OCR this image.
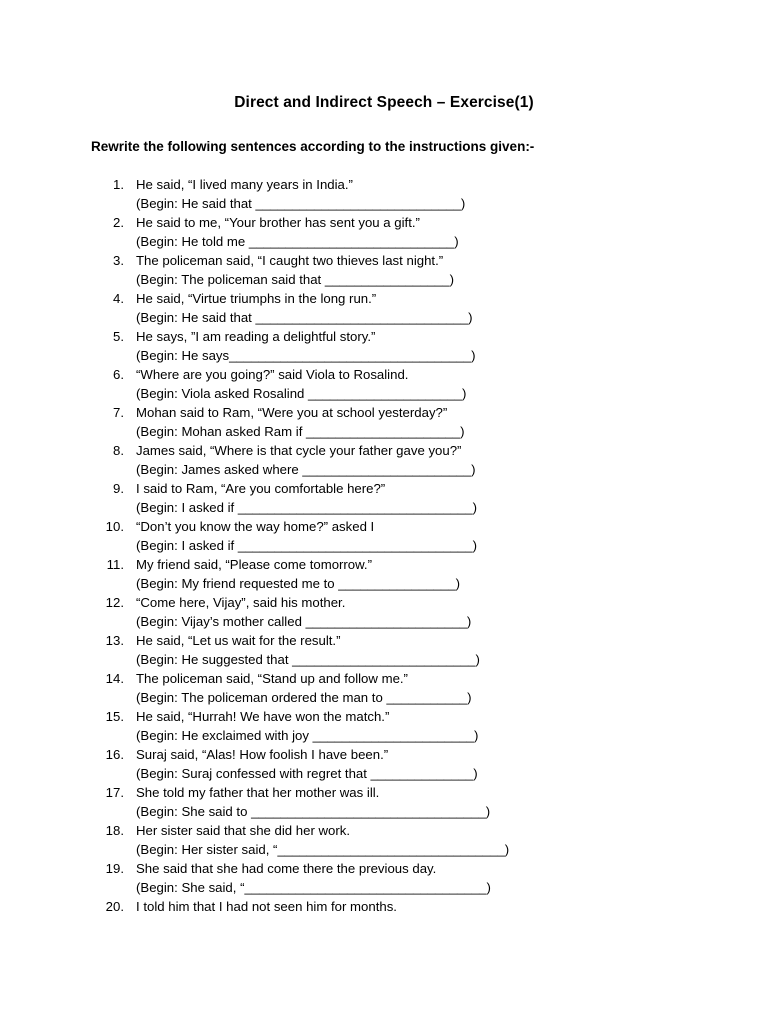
Direct and Indirect Speech – Exercise(1)
Rewrite the following sentences according to the instructions given:-
1. He said, “I lived many years in India.”
(Begin: He said that ____________________________)
2. He said to me, “Your brother has sent you a gift.”
(Begin: He told me ____________________________)
3. The policeman said, “I caught two thieves last night.”
(Begin: The policeman said that _________________)
4. He said, “Virtue triumphs in the long run.”
(Begin: He said that _____________________________)
5. He says, ”I am reading a delightful story.”
(Begin: He says_________________________________)
6. “Where are you going?” said Viola to Rosalind.
(Begin: Viola asked Rosalind _____________________)
7. Mohan said to Ram, “Were you at school yesterday?”
(Begin: Mohan asked Ram if _____________________)
8. James said, “Where is that cycle your father gave you?”
(Begin: James asked where _______________________)
9. I said to Ram, “Are you comfortable here?”
(Begin: I asked if ________________________________)
10. “Don’t you know the way home?” asked I
(Begin: I asked if ________________________________)
11. My friend said, “Please come tomorrow.”
(Begin: My friend requested me to ________________)
12. “Come here, Vijay”, said his mother.
(Begin: Vijay’s mother called ______________________)
13. He said, “Let us wait for the result.”
(Begin: He suggested that _________________________)
14. The policeman said, “Stand up and follow me.”
(Begin: The policeman ordered the man to ___________)
15. He said, “Hurrah! We have won the match.”
(Begin: He exclaimed with joy ______________________)
16. Suraj said, “Alas! How foolish I have been.”
(Begin: Suraj confessed with regret that ______________)
17. She told my father that her mother was ill.
(Begin: She said to ________________________________)
18. Her sister said that she did her work.
(Begin: Her sister said, “_______________________________)
19. She said that she had come there the previous day.
(Begin: She said, “_________________________________)
20. I told him that I had not seen him for months.
